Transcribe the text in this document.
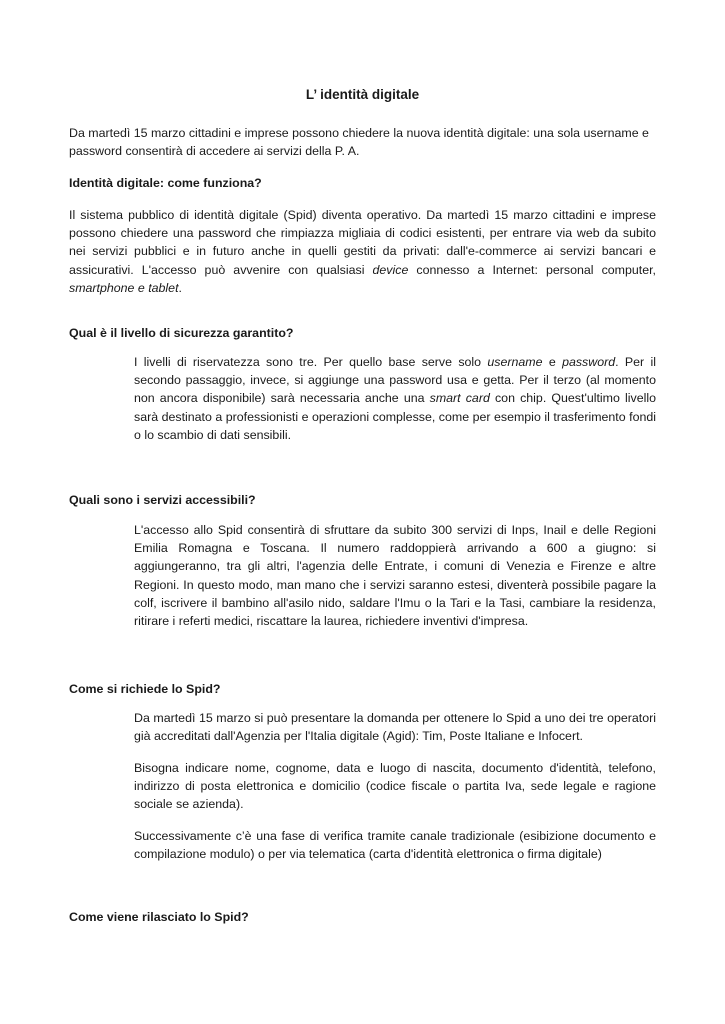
L’ identità digitale
Da martedì 15 marzo cittadini e imprese possono chiedere la nuova identità digitale: una sola username e password consentirà di accedere ai servizi della P. A.
Identità digitale: come funziona?
Il sistema pubblico di identità digitale (Spid) diventa operativo. Da martedì 15 marzo cittadini e imprese possono chiedere una password che rimpiazza migliaia di codici esistenti, per entrare via web da subito nei servizi pubblici e in futuro anche in quelli gestiti da privati: dall'e-commerce ai servizi bancari e assicurativi. L'accesso può avvenire con qualsiasi device connesso a Internet: personal computer, smartphone e tablet.
Qual è il livello di sicurezza garantito?
I livelli di riservatezza sono tre. Per quello base serve solo username e password. Per il secondo passaggio, invece, si aggiunge una password usa e getta. Per il terzo (al momento non ancora disponibile) sarà necessaria anche una smart card con chip. Quest'ultimo livello sarà destinato a professionisti e operazioni complesse, come per esempio il trasferimento fondi o lo scambio di dati sensibili.
Quali sono i servizi accessibili?
L'accesso allo Spid consentirà di sfruttare da subito 300 servizi di Inps, Inail e delle Regioni Emilia Romagna e Toscana. Il numero raddoppierà arrivando a 600 a giugno: si aggiungeranno, tra gli altri, l'agenzia delle Entrate, i comuni di Venezia e Firenze e altre Regioni. In questo modo, man mano che i servizi saranno estesi, diventerà possibile pagare la colf, iscrivere il bambino all'asilo nido, saldare l'Imu o la Tari e la Tasi, cambiare la residenza, ritirare i referti medici, riscattare la laurea, richiedere inventivi d'impresa.
Come si richiede lo Spid?
Da martedì 15 marzo si può presentare la domanda per ottenere lo Spid a uno dei tre operatori già accreditati dall'Agenzia per l'Italia digitale (Agid): Tim, Poste Italiane e Infocert.
Bisogna indicare nome, cognome, data e luogo di nascita, documento d'identità, telefono, indirizzo di posta elettronica e domicilio (codice fiscale o partita Iva, sede legale e ragione sociale se azienda).
Successivamente c’è una fase di verifica tramite canale tradizionale (esibizione documento e compilazione modulo) o per via telematica (carta d'identità elettronica o firma digitale)
Come viene rilasciato lo Spid?
